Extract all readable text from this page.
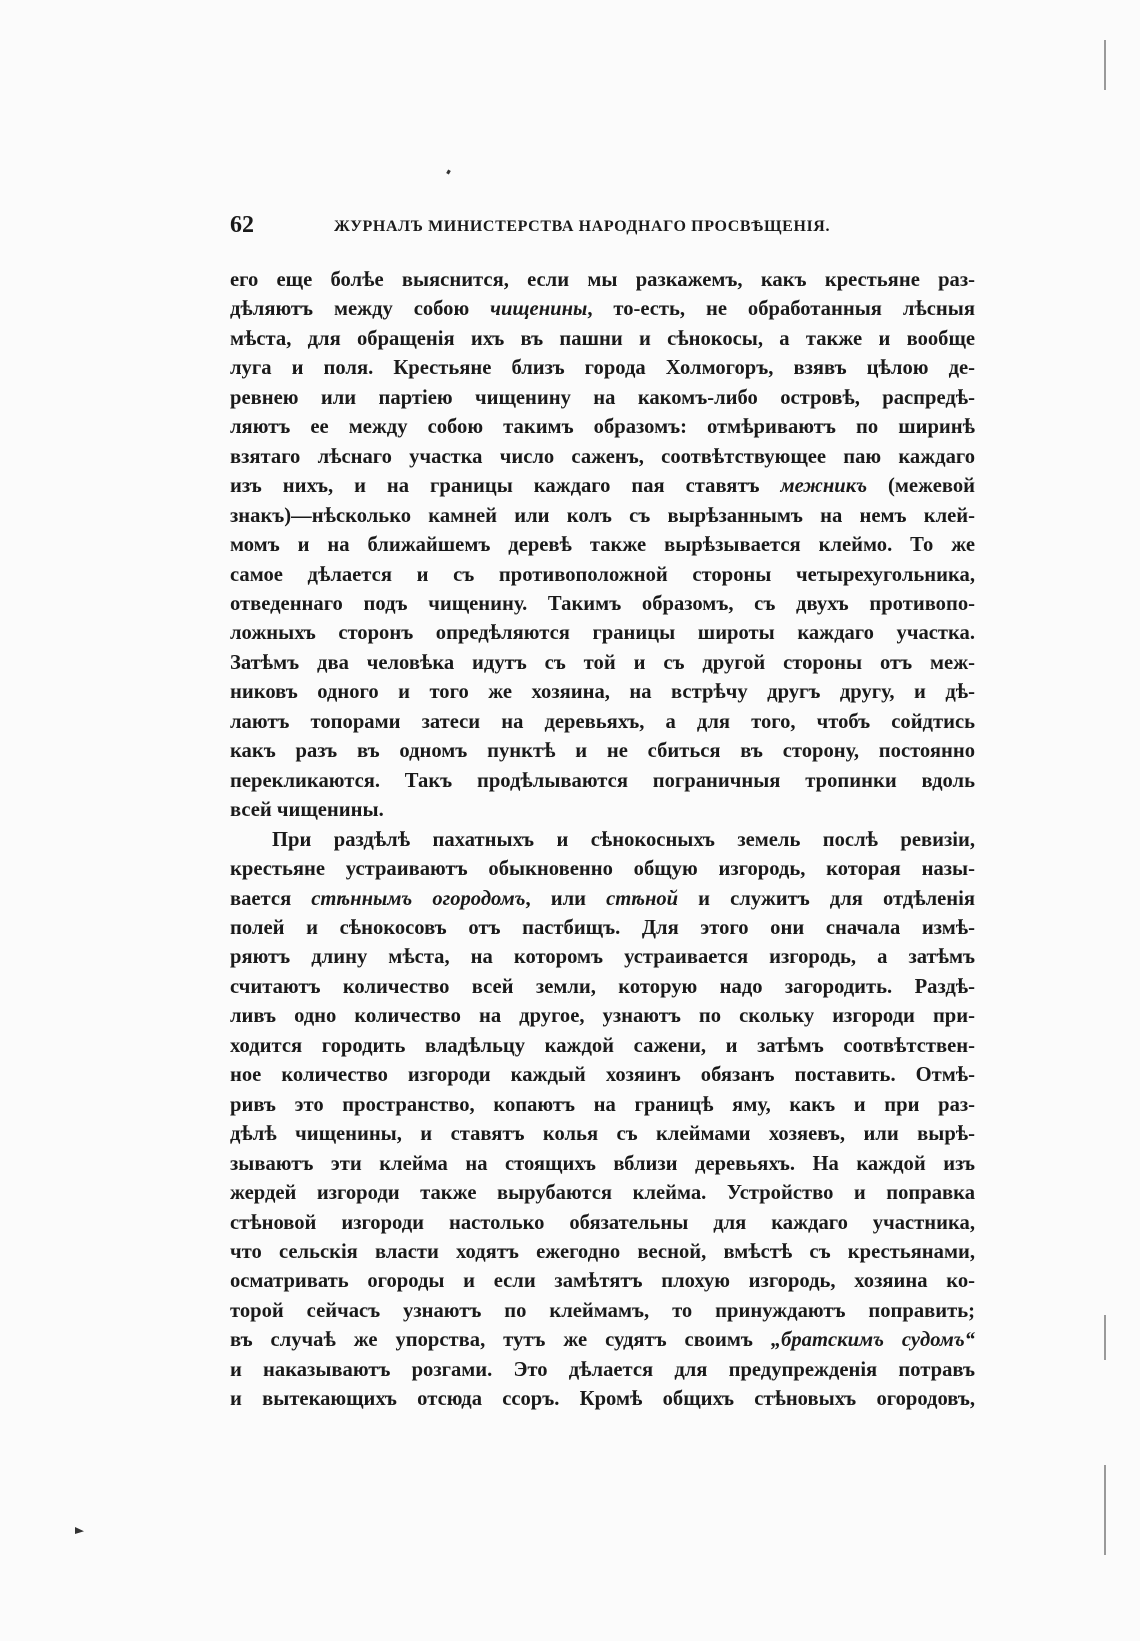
62	ЖУРНАЛЪ МИНИСТЕРСТВА НАРОДНАГО ПРОСВѢЩЕНІЯ.
его еще болѣе выяснится, если мы разкажемъ, какъ крестьяне раз-
дѣляютъ между собою чищенины, то-есть, не обработанныя лѣсныя
мѣста, для обращенія ихъ въ пашни и сѣнокосы, а также и вообще
луга и поля. Крестьяне близъ города Холмогоръ, взявъ цѣлою де-
ревнею или партіею чищенину на какомъ-либо островѣ, распредѣ-
ляютъ ее между собою такимъ образомъ: отмѣриваютъ по ширинѣ
взятаго лѣснаго участка число саженъ, соотвѣтствующее паю каждаго
изъ нихъ, и на границы каждаго пая ставятъ межникъ (межевой
знакъ)—нѣсколько камней или колъ съ вырѣзаннымъ на немъ клей-
момъ и на ближайшемъ деревѣ также вырѣзывается клеймо. То же
самое дѣлается и съ противоположной стороны четырехугольника,
отведеннаго подъ чищенину. Такимъ образомъ, съ двухъ противопо-
ложныхъ сторонъ опредѣляются границы широты каждаго участка.
Затѣмъ два человѣка идутъ съ той и съ другой стороны отъ меж-
никовъ одного и того же хозяина, на встрѣчу другъ другу, и дѣ-
лаютъ топорами затеси на деревьяхъ, а для того, чтобъ сойдтись
какъ разъ въ одномъ пунктѣ и не сбиться въ сторону, постоянно
перекликаются. Такъ продѣлываются пограничныя тропинки вдоль
всей чищенины.
При раздѣлѣ пахатныхъ и сѣнокосныхъ земель послѣ ревизіи,
крестьяне устраиваютъ обыкновенно общую изгородь, которая назы-
вается стѣннымъ огородомъ, или стѣной и служитъ для отдѣленія
полей и сѣнокосовъ отъ пастбищъ. Для этого они сначала измѣ-
ряютъ длину мѣста, на которомъ устраивается изгородь, а затѣмъ
считаютъ количество всей земли, которую надо загородить. Раздѣ-
ливъ одно количество на другое, узнаютъ по скольку изгороди при-
ходится городить владѣльцу каждой сажени, и затѣмъ соотвѣтствен-
ное количество изгороди каждый хозяинъ обязанъ поставить. Отмѣ-
ривъ это пространство, копаютъ на границѣ яму, какъ и при раз-
дѣлѣ чищенины, и ставятъ колья съ клеймами хозяевъ, или вырѣ-
зываютъ эти клейма на стоящихъ вблизи деревьяхъ. На каждой изъ
жердей изгороди также вырубаются клейма. Устройство и поправка
стѣновой изгороди настолько обязательны для каждаго участника,
что сельскія власти ходятъ ежегодно весной, вмѣстѣ съ крестьянами,
осматривать огороды и если замѣтятъ плохую изгородь, хозяина ко-
торой сейчасъ узнаютъ по клеймамъ, то принуждаютъ поправить;
въ случаѣ же упорства, тутъ же судятъ своимъ „братскимъ судомъ“
и наказываютъ розгами. Это дѣлается для предупрежденія потравъ
и вытекающихъ отсюда ссоръ. Кромѣ общихъ стѣновыхъ огородовъ,
